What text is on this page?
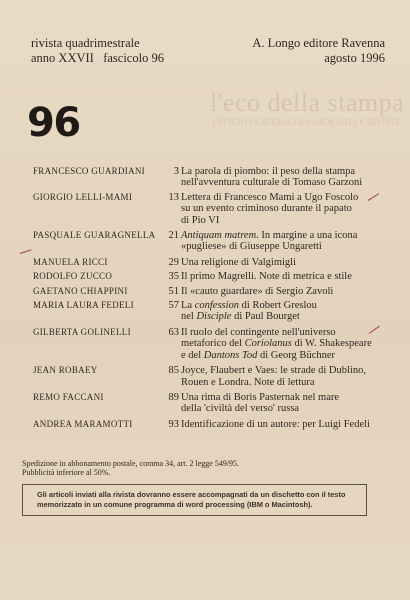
l'eco della stampa
UFFICIO DI RITAGLI DA GIORNALI E RIVISTE
rivista quadrimestrale
anno XXVII   fascicolo 96
A. Longo editore Ravenna
agosto 1996
96
FRANCESCO GUARDIANI	3 La parola di piombo: il peso della stampa
nell'avventura culturale di Tomaso Garzoni
GIORGIO LELLI-MAMI	13 Lettera di Francesco Mami a Ugo Foscolo
su un evento criminoso durante il papato
di Pio VI
PASQUALE GUARAGNELLA 21 Antiquam matrem. In margine a una icona
«pugliese» di Giuseppe Ungaretti
MANUELA RICCI	29 Una religione di Valgimigli
RODOLFO ZUCCO	35 Il primo Magrelli. Note di metrica e stile
GAETANO CHIAPPINI	51 Il «cauto guardare» di Sergio Zavoli
MARIA LAURA FEDELI	57 La confession di Robert Greslou
nel Disciple di Paul Bourget
GILBERTA GOLINELLI	63 Il ruolo del contingente nell'universo
metaforico del Coriolanus di W. Shakespeare
e del Dantons Tod di Georg Büchner
JEAN ROBAEY	85 Joyce, Flaubert e Vaes: le strade di Dublino,
Rouen e Londra. Note di lettura
REMO FACCANI	89 Una rima di Boris Pasternak nel mare
della 'civiltà del verso' russa
ANDREA MARAMOTTI	93 Identificazione di un autore: per Luigi Fedeli
Spedizione in abbonamento postale, comma 34, art. 2 legge 549/95.
Pubblicità inferiore al 50%.
Gli articoli inviati alla rivista dovranno essere accompagnati da un dischetto con il testo memorizzato in un comune programma di word processing (IBM o Macintosh).
